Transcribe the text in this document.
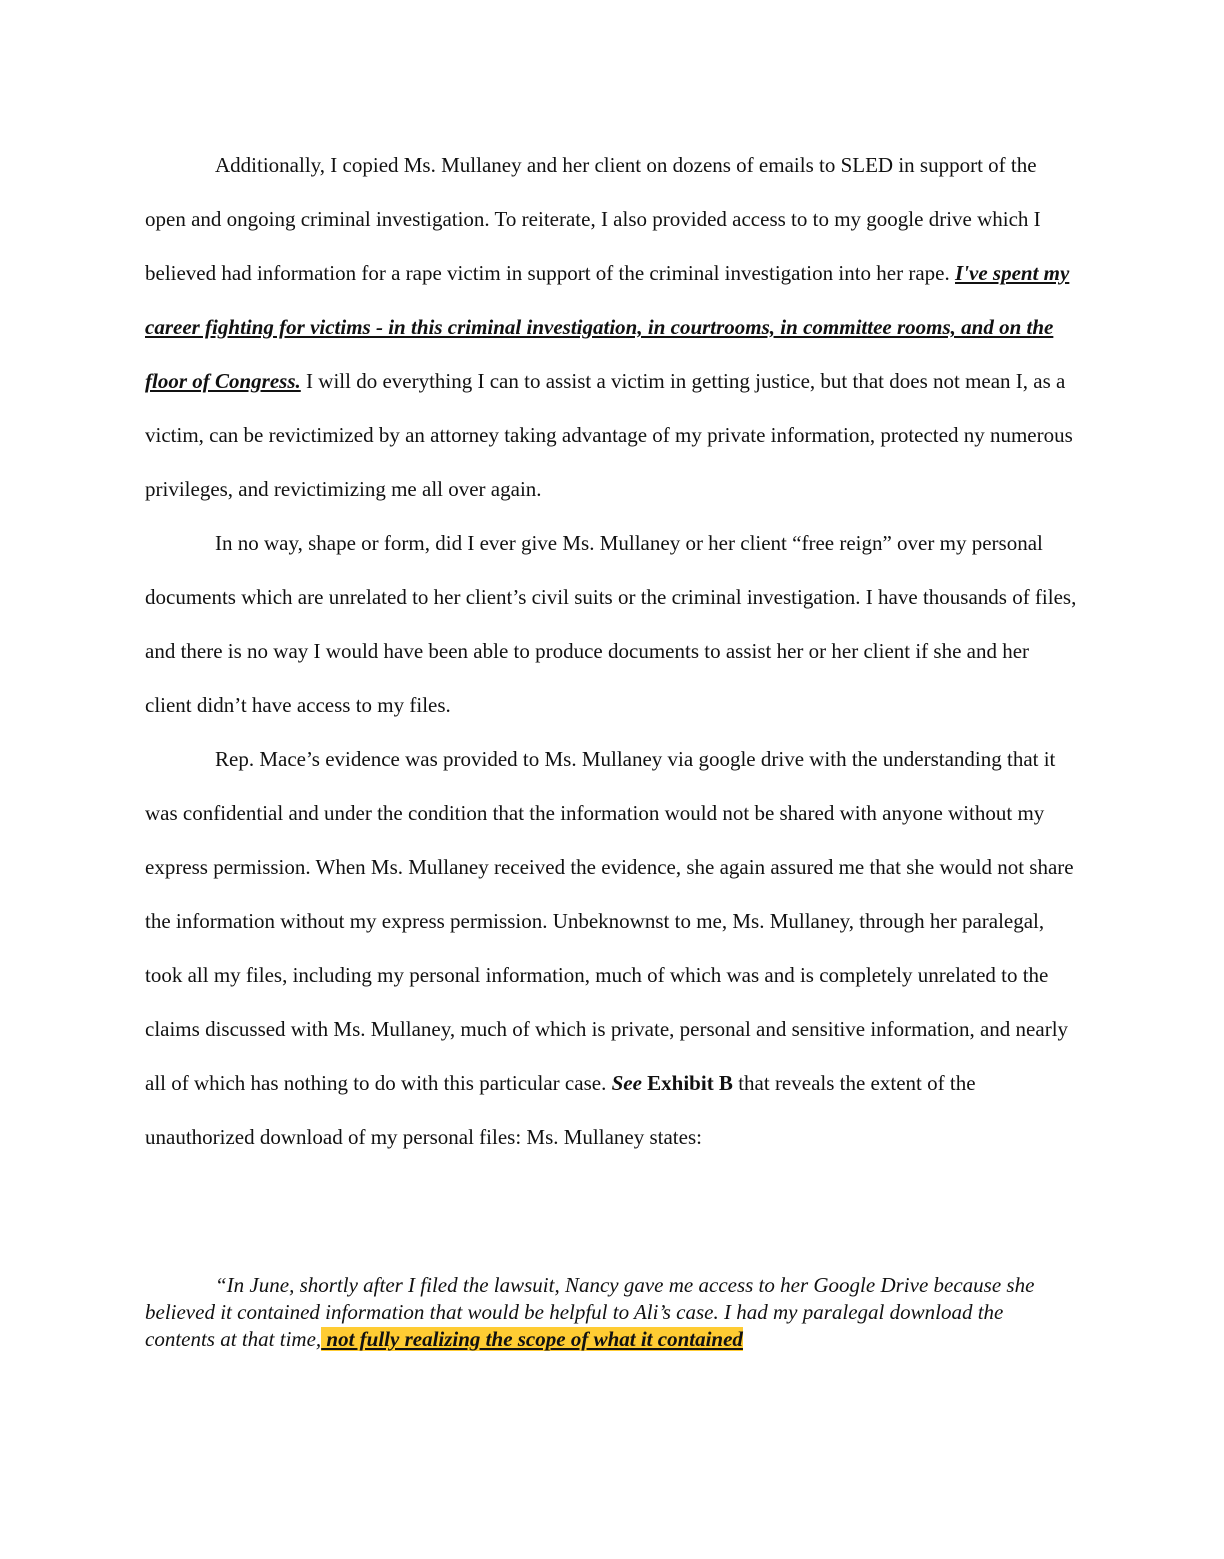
Additionally, I copied Ms. Mullaney and her client on dozens of emails to SLED in support of the open and ongoing criminal investigation. To reiterate, I also provided access to to my google drive which I believed had information for a rape victim in support of the criminal investigation into her rape. I've spent my career fighting for victims - in this criminal investigation, in courtrooms, in committee rooms, and on the floor of Congress. I will do everything I can to assist a victim in getting justice, but that does not mean I, as a victim, can be revictimized by an attorney taking advantage of my private information, protected ny numerous privileges, and revictimizing me all over again.

In no way, shape or form, did I ever give Ms. Mullaney or her client “free reign” over my personal documents which are unrelated to her client’s civil suits or the criminal investigation. I have thousands of files, and there is no way I would have been able to produce documents to assist her or her client if she and her client didn’t have access to my files.

Rep. Mace’s evidence was provided to Ms. Mullaney via google drive with the understanding that it was confidential and under the condition that the information would not be shared with anyone without my express permission. When Ms. Mullaney received the evidence, she again assured me that she would not share the information without my express permission. Unbeknownst to me, Ms. Mullaney, through her paralegal, took all my files, including my personal information, much of which was and is completely unrelated to the claims discussed with Ms. Mullaney, much of which is private, personal and sensitive information, and nearly all of which has nothing to do with this particular case. See Exhibit B that reveals the extent of the unauthorized download of my personal files: Ms. Mullaney states:

“In June, shortly after I filed the lawsuit, Nancy gave me access to her Google Drive because she believed it contained information that would be helpful to Ali’s case. I had my paralegal download the contents at that time, not fully realizing the scope of what it contained
